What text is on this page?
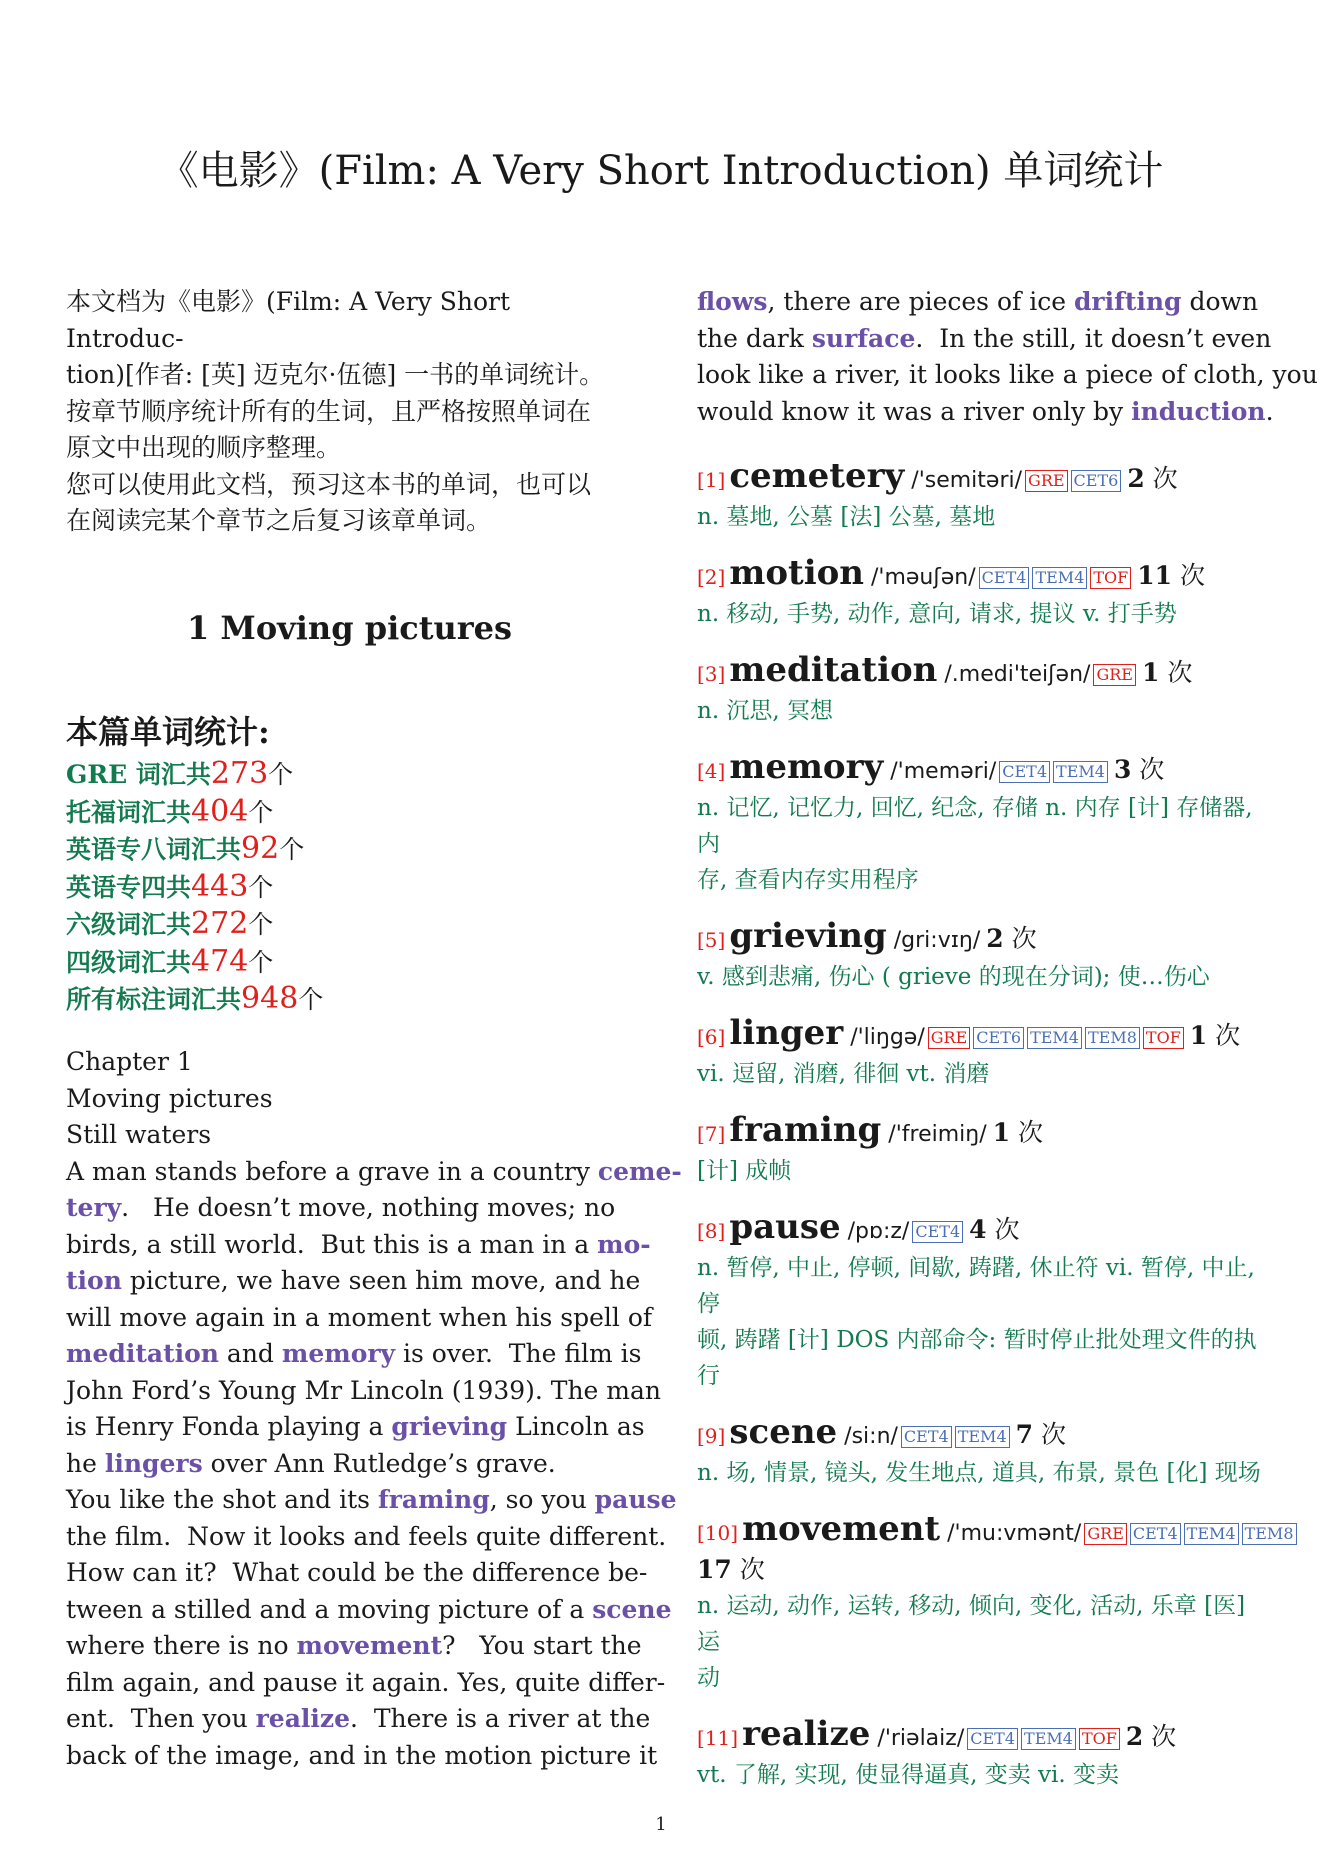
《电影》(Film: A Very Short Introduction) 单词统计
本文档为《电影》(Film: A Very Short Introduc-
tion)[作者: [英] 迈克尔·伍德] 一书的单词统计。
按章节顺序统计所有的生词，且严格按照单词在
原文中出现的顺序整理。
您可以使用此文档，预习这本书的单词，也可以
在阅读完某个章节之后复习该章单词。
1 Moving pictures
本篇单词统计:
GRE 词汇共273个
托福词汇共404个
英语专八词汇共92个
英语专四共443个
六级词汇共272个
四级词汇共474个
所有标注词汇共948个
Chapter 1
Moving pictures
Still waters
A man stands before a grave in a country ceme-
tery.   He doesn’t move, nothing moves; no
birds, a still world.  But this is a man in a mo-
tion picture, we have seen him move, and he
will move again in a moment when his spell of
meditation and memory is over.  The film is
John Ford’s Young Mr Lincoln (1939). The man
is Henry Fonda playing a grieving Lincoln as
he lingers over Ann Rutledge’s grave.
You like the shot and its framing, so you pause
the film.  Now it looks and feels quite different.
How can it?  What could be the difference be-
tween a stilled and a moving picture of a scene
where there is no movement?   You start the
film again, and pause it again. Yes, quite differ-
ent.  Then you realize.  There is a river at the
back of the image, and in the motion picture it
flows, there are pieces of ice drifting down
the dark surface.  In the still, it doesn’t even
look like a river, it looks like a piece of cloth, you
would know it was a river only by induction.
[1] cemetery /'semitəri/ GRE CET6 2 次
n. 墓地, 公墓 [法] 公墓, 墓地
[2] motion /'məuʃən/ CET4 TEM4 TOF 11 次
n. 移动, 手势, 动作, 意向, 请求, 提议 v. 打手势
[3] meditation /.medi'teiʃən/ GRE 1 次
n. 沉思, 冥想
[4] memory /'meməri/ CET4 TEM4 3 次
n. 记忆, 记忆力, 回忆, 纪念, 存储 n. 内存 [计] 存储器, 内
存, 查看内存实用程序
[5] grieving /gri:vɪŋ/ 2 次
v. 感到悲痛, 伤心 ( grieve 的现在分词); 使…伤心
[6] linger /'liŋgə/ GRE CET6 TEM4 TEM8 TOF 1 次
vi. 逗留, 消磨, 徘徊 vt. 消磨
[7] framing /'freimiŋ/ 1 次
[计] 成帧
[8] pause /pɒ:z/ CET4 4 次
n. 暂停, 中止, 停顿, 间歇, 踌躇, 休止符 vi. 暂停, 中止, 停
顿, 踌躇 [计] DOS 内部命令: 暂时停止批处理文件的执
行
[9] scene /si:n/ CET4 TEM4 7 次
n. 场, 情景, 镜头, 发生地点, 道具, 布景, 景色 [化] 现场
[10] movement /'mu:vmənt/ GRE CET4 TEM4 TEM8
17 次
n. 运动, 动作, 运转, 移动, 倾向, 变化, 活动, 乐章 [医] 运
动
[11] realize /'riəlaiz/ CET4 TEM4 TOF 2 次
vt. 了解, 实现, 使显得逼真, 变卖 vi. 变卖
1
